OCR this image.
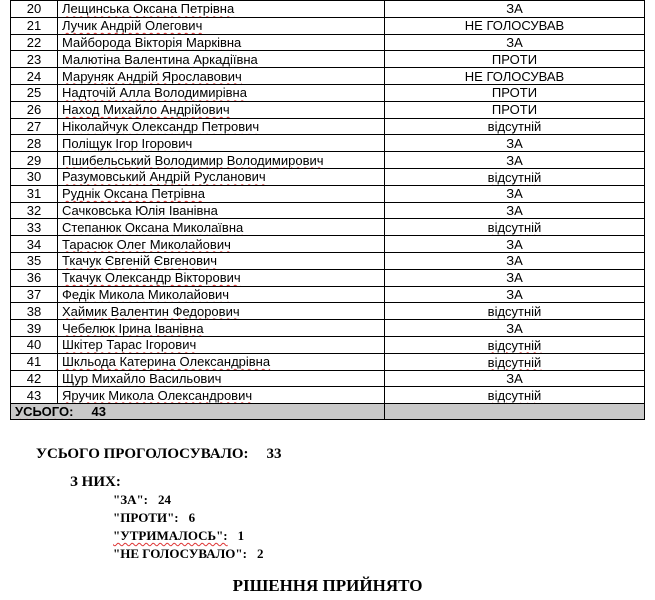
20	Лещинська Оксана Петрівна	ЗА
21	Лучик Андрій Олегович	НЕ ГОЛОСУВАВ
22	Майборода Вікторія Марківна	ЗА
23	Малютіна Валентина Аркадіївна	ПРОТИ
24	Маруняк Андрій Ярославович	НЕ ГОЛОСУВАВ
25	Надточій Алла Володимирівна	ПРОТИ
26	Наход Михайло Андрійович	ПРОТИ
27	Ніколайчук Олександр Петрович	відсутній
28	Поліщук Ігор Ігорович	ЗА
29	Пшибельський Володимир Володимирович	ЗА
30	Разумовський Андрій Русланович	відсутній
31	Руднік Оксана Петрівна	ЗА
32	Сачковська Юлія Іванівна	ЗА
33	Степанюк Оксана Миколаївна	відсутній
34	Тарасюк Олег Миколайович	ЗА
35	Ткачук Євгеній Євгенович	ЗА
36	Ткачук Олександр Вікторович	ЗА
37	Федік Микола Миколайович	ЗА
38	Хаймик Валентин Федорович	відсутній
39	Чебелюк Ірина Іванівна	ЗА
40	Шкітер Тарас Ігорович	відсутній
41	Шкльода Катерина Олександрівна	відсутній
42	Щур Михайло Васильович	ЗА
43	Яручик Микола Олександрович	відсутній
УСЬОГО: 43		
УСЬОГО ПРОГОЛОСУВАЛО: 33
З НИХ:
"ЗА": 24
"ПРОТИ": 6
"УТРИМАЛОСЬ": 1
"НЕ ГОЛОСУВАЛО": 2
РІШЕННЯ ПРИЙНЯТО
